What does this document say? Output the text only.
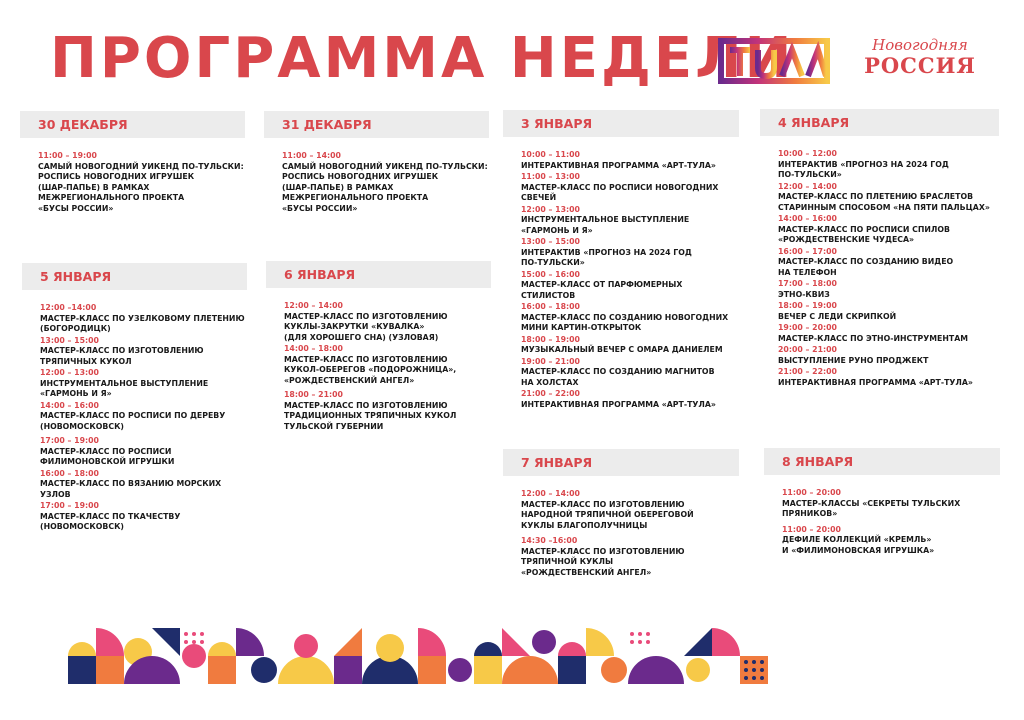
ПРОГРАММА НЕДЕЛИ	Новогодняя
РОССИЯ
30 ДЕКАБРЯ
11:00 – 19:00
САМЫЙ НОВОГОДНИЙ УИКЕНД ПО-ТУЛЬСКИ:
РОСПИСЬ НОВОГОДНИХ ИГРУШЕК
(ШАР-ПАПЬЕ) В РАМКАХ
МЕЖРЕГИОНАЛЬНОГО ПРОЕКТА
«БУСЫ РОССИИ»
31 ДЕКАБРЯ
11:00 – 14:00
САМЫЙ НОВОГОДНИЙ УИКЕНД ПО-ТУЛЬСКИ:
РОСПИСЬ НОВОГОДНИХ ИГРУШЕК
(ШАР-ПАПЬЕ) В РАМКАХ
МЕЖРЕГИОНАЛЬНОГО ПРОЕКТА
«БУСЫ РОССИИ»
3 ЯНВАРЯ
10:00 – 11:00
ИНТЕРАКТИВНАЯ ПРОГРАММА «АРТ-ТУЛА»
11:00 – 13:00
МАСТЕР-КЛАСС ПО РОСПИСИ НОВОГОДНИХ
СВЕЧЕЙ
12:00 – 13:00
ИНСТРУМЕНТАЛЬНОЕ ВЫСТУПЛЕНИЕ
«ГАРМОНЬ И Я»
13:00 – 15:00
ИНТЕРАКТИВ «ПРОГНОЗ НА 2024 ГОД
ПО-ТУЛЬСКИ»
15:00 – 16:00
МАСТЕР-КЛАСС ОТ ПАРФЮМЕРНЫХ СТИЛИСТОВ
16:00 – 18:00
МАСТЕР-КЛАСС ПО СОЗДАНИЮ НОВОГОДНИХ
МИНИ КАРТИН-ОТКРЫТОК
18:00 – 19:00
МУЗЫКАЛЬНЫЙ ВЕЧЕР С ОМАРА ДАНИЕЛЕМ
19:00 – 21:00
МАСТЕР-КЛАСС ПО СОЗДАНИЮ МАГНИТОВ
НА ХОЛСТАХ
21:00 – 22:00
ИНТЕРАКТИВНАЯ ПРОГРАММА «АРТ-ТУЛА»
4 ЯНВАРЯ
10:00 – 12:00
ИНТЕРАКТИВ «ПРОГНОЗ НА 2024 ГОД
ПО-ТУЛЬСКИ»
12:00 – 14:00
МАСТЕР-КЛАСС ПО ПЛЕТЕНИЮ БРАСЛЕТОВ
СТАРИННЫМ СПОСОБОМ «НА ПЯТИ ПАЛЬЦАХ»
14:00 – 16:00
МАСТЕР-КЛАСС ПО РОСПИСИ СПИЛОВ
«РОЖДЕСТВЕНСКИЕ ЧУДЕСА»
16:00 – 17:00
МАСТЕР-КЛАСС ПО СОЗДАНИЮ ВИДЕО
НА ТЕЛЕФОН
17:00 – 18:00
ЭТНО-КВИЗ
18:00 – 19:00
ВЕЧЕР С ЛЕДИ СКРИПКОЙ
19:00 – 20:00
МАСТЕР-КЛАСС ПО ЭТНО-ИНСТРУМЕНТАМ
20:00 – 21:00
ВЫСТУПЛЕНИЕ РУНО ПРОДЖЕКТ
21:00 – 22:00
ИНТЕРАКТИВНАЯ ПРОГРАММА «АРТ-ТУЛА»
5 ЯНВАРЯ
12:00 –14:00
МАСТЕР-КЛАСС ПО УЗЕЛКОВОМУ ПЛЕТЕНИЮ
(БОГОРОДИЦК)
13:00 – 15:00
МАСТЕР-КЛАСС ПО ИЗГОТОВЛЕНИЮ
ТРЯПИЧНЫХ КУКОЛ
12:00 – 13:00
ИНСТРУМЕНТАЛЬНОЕ ВЫСТУПЛЕНИЕ
«ГАРМОНЬ И Я»
14:00 – 16:00
МАСТЕР-КЛАСС ПО РОСПИСИ ПО ДЕРЕВУ
(НОВОМОСКОВСК)
17:00 – 19:00
МАСТЕР-КЛАСС ПО РОСПИСИ
ФИЛИМОНОВСКОЙ ИГРУШКИ
16:00 – 18:00
МАСТЕР-КЛАСС ПО ВЯЗАНИЮ МОРСКИХ
УЗЛОВ
17:00 – 19:00
МАСТЕР-КЛАСС ПО ТКАЧЕСТВУ
(НОВОМОСКОВСК)
6 ЯНВАРЯ
12:00 – 14:00
МАСТЕР-КЛАСС ПО ИЗГОТОВЛЕНИЮ
КУКЛЫ-ЗАКРУТКИ «КУВАЛКА»
(ДЛЯ ХОРОШЕГО СНА) (УЗЛОВАЯ)
14:00 – 18:00
МАСТЕР-КЛАСС ПО ИЗГОТОВЛЕНИЮ
КУКОЛ-ОБЕРЕГОВ «ПОДОРОЖНИЦА»,
«РОЖДЕСТВЕНСКИЙ АНГЕЛ»
18:00 – 21:00
МАСТЕР-КЛАСС ПО ИЗГОТОВЛЕНИЮ
ТРАДИЦИОННЫХ ТРЯПИЧНЫХ КУКОЛ
ТУЛЬСКОЙ ГУБЕРНИИ
7 ЯНВАРЯ
12:00 – 14:00
МАСТЕР-КЛАСС ПО ИЗГОТОВЛЕНИЮ
НАРОДНОЙ ТРЯПИЧНОЙ ОБЕРЕГОВОЙ
КУКЛЫ БЛАГОПОЛУЧНИЦЫ
14:30 –16:00
МАСТЕР-КЛАСС ПО ИЗГОТОВЛЕНИЮ
ТРЯПИЧНОЙ КУКЛЫ
«РОЖДЕСТВЕНСКИЙ АНГЕЛ»
8 ЯНВАРЯ
11:00 – 20:00
МАСТЕР-КЛАССЫ «СЕКРЕТЫ ТУЛЬСКИХ
ПРЯНИКОВ»
11:00 – 20:00
ДЕФИЛЕ КОЛЛЕКЦИЙ «КРЕМЛЬ»
И «ФИЛИМОНОВСКАЯ ИГРУШКА»
